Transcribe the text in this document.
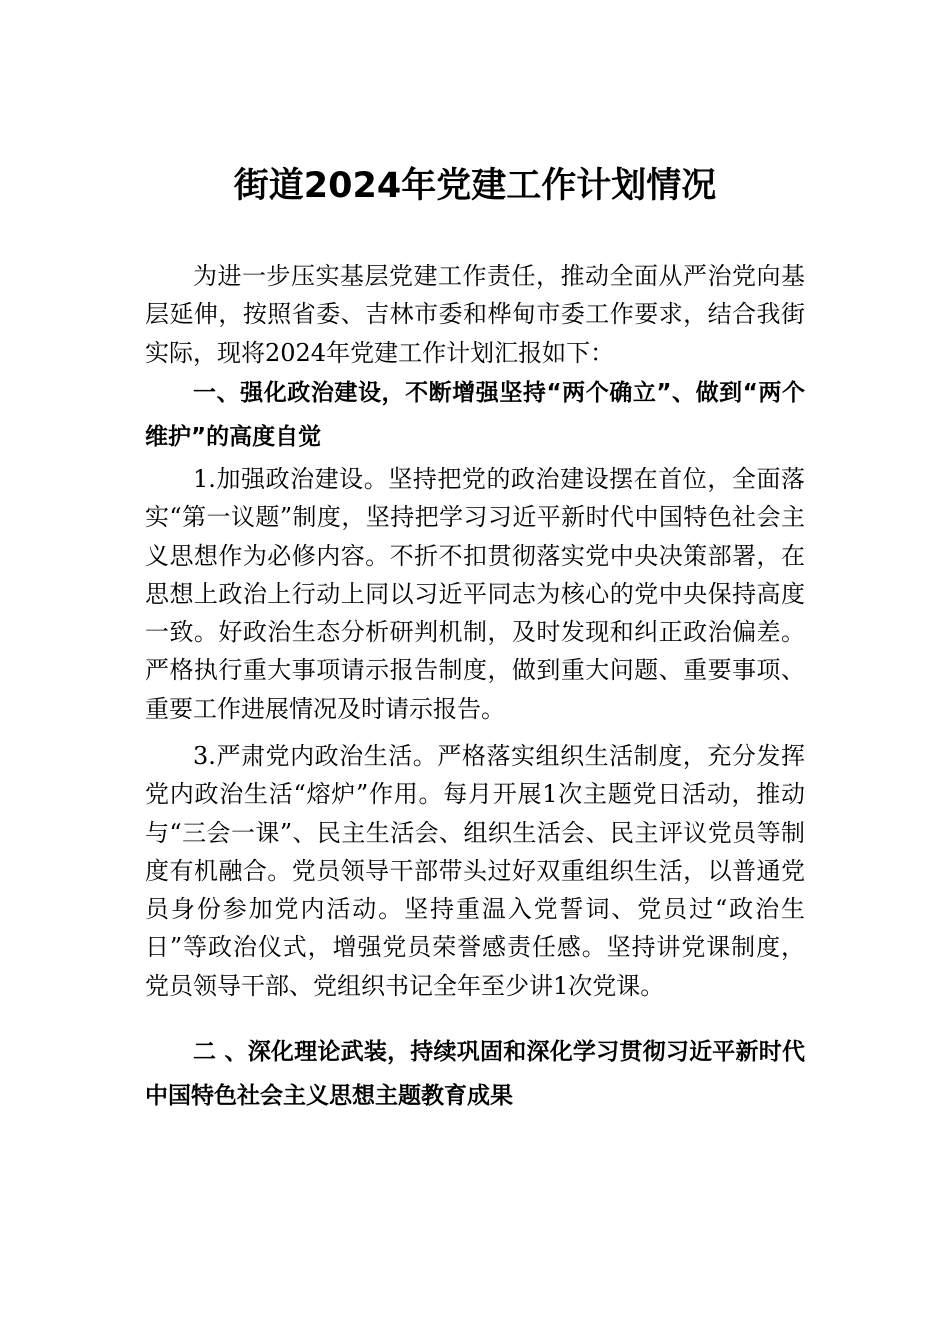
街道2024年党建工作计划情况

为进一步压实基层党建工作责任，推动全面从严治党向基层延伸，按照省委、吉林市委和桦甸市委工作要求，结合我街实际，现将2024年党建工作计划汇报如下：

一、强化政治建设，不断增强坚持“两个确立”、做到“两个维护”的高度自觉

1.加强政治建设。坚持把党的政治建设摆在首位，全面落实“第一议题”制度，坚持把学习习近平新时代中国特色社会主义思想作为必修内容。不折不扣贯彻落实党中央决策部署，在思想上政治上行动上同以习近平同志为核心的党中央保持高度一致。好政治生态分析研判机制，及时发现和纠正政治偏差。严格执行重大事项请示报告制度，做到重大问题、重要事项、重要工作进展情况及时请示报告。

3.严肃党内政治生活。严格落实组织生活制度，充分发挥党内政治生活“熔炉”作用。每月开展1次主题党日活动，推动与“三会一课”、民主生活会、组织生活会、民主评议党员等制度有机融合。党员领导干部带头过好双重组织生活，以普通党员身份参加党内活动。坚持重温入党誓词、党员过“政治生日”等政治仪式，增强党员荣誉感责任感。坚持讲党课制度，党员领导干部、党组织书记全年至少讲1次党课。

二 、深化理论武装，持续巩固和深化学习贯彻习近平新时代中国特色社会主义思想主题教育成果
